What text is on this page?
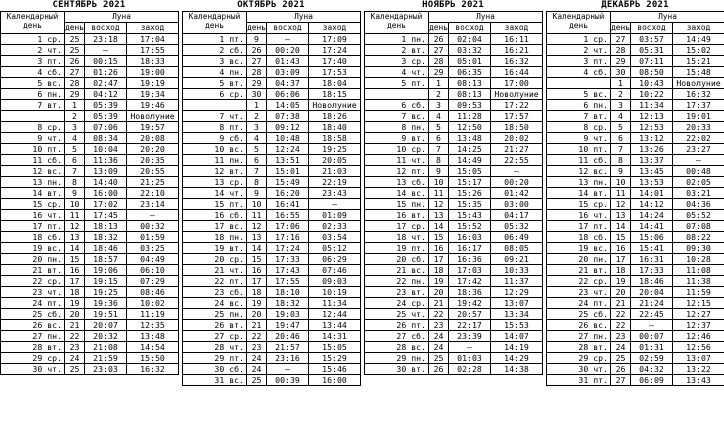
СЕНТЯБРЬ 2021
Календарный
день	Луна		
	день	восход	заход
1 ср.	25	23:18	17:04
2 чт.	25	–	17:55
3 пт.	26	00:15	18:33
4 сб.	27	01:26	19:00
5 вс.	28	02:47	19:19
6 пн.	29	04:12	19:34
7 вт.	1	05:39	19:46
	2	05:39	Новолуние
8 ср.	3	07:06	19:57
9 чт.	4	08:34	20:08
10 пт.	5	10:04	20:20
11 сб.	6	11:36	20:35
12 вс.	7	13:09	20:55
13 пн.	8	14:40	21:25
14 вт.	9	16:00	22:10
15 ср.	10	17:02	23:14
16 чт.	11	17:45	–
17 пт.	12	18:13	00:32
18 сб.	13	18:32	01:59
19 вс.	14	18:46	03:25
20 пн.	15	18:57	04:49
21 вт.	16	19:06	06:10
22 ср.	17	19:15	07:29
23 чт.	18	19:25	08:46
24 пт.	19	19:36	10:02
25 сб.	20	19:51	11:19
26 вс.	21	20:07	12:35
27 пн.	22	20:32	13:48
28 вт.	23	21:08	14:54
29 ср.	24	21:59	15:50
30 чт.	25	23:03	16:32
ОКТЯБРЬ 2021
Календарный
день	Луна		
	день	восход	заход
1 пт.	9	–	17:09
2 сб.	26	00:20	17:24
3 вс.	27	01:43	17:40
4 пн.	28	03:09	17:53
5 вт.	29	04:37	18:04
6 ср.	30	06:06	18:15
	1	14:05	Новолуние
7 чт.	2	07:38	18:26
8 пт.	3	09:12	18:40
9 сб.	4	10:48	18:58
10 вс.	5	12:24	19:25
11 пн.	6	13:51	20:05
12 вт.	7	15:01	21:03
13 ср.	8	15:49	22:19
14 чт.	9	16:20	23:43
15 пт.	10	16:41	–
16 сб.	11	16:55	01:09
17 вс.	12	17:06	02:33
18 пн.	13	17:16	03:54
19 вт.	14	17:24	05:12
20 ср.	15	17:33	06:29
21 чт.	16	17:43	07:46
22 пт.	17	17:55	09:03
23 сб.	18	18:10	10:19
24 вс.	19	18:32	11:34
25 пн.	20	19:03	12:44
26 вт.	21	19:47	13:44
27 ср.	22	20:46	14:31
28 чт.	23	21:57	15:05
29 пт.	24	23:16	15:29
30 сб.	24	–	15:46
31 вс.	25	00:39	16:00
НОЯБРЬ 2021
Календарный
день	Луна		
	день	восход	заход
1 пн.	26	02:04	16:11
2 вт.	27	03:32	16:21
3 ср.	28	05:01	16:32
4 чт.	29	06:35	16:44
5 пт.	1	08:13	17:00
	2	08:13	Новолуние
6 сб.	3	09:53	17:22
7 вс.	4	11:28	17:57
8 пн.	5	12:50	18:50
9 вт.	6	13:48	20:02
10 ср.	7	14:25	21:27
11 чт.	8	14:49	22:55
12 пт.	9	15:05	–
13 сб.	10	15:17	00:20
14 вс.	11	15:26	01:42
15 пн.	12	15:35	03:00
16 вт.	13	15:43	04:17
17 ср.	14	15:52	05:32
18 чт.	15	16:03	06:49
19 пт.	16	16:17	08:05
20 сб.	17	16:36	09:21
21 вс.	18	17:03	10:33
22 пн.	19	17:42	11:37
23 вт.	20	18:36	12:29
24 ср.	21	19:42	13:07
25 чт.	22	20:57	13:34
26 пт.	23	22:17	15:53
27 сб.	24	23:39	14:07
28 вс.	24	–	14:19
29 пн.	25	01:03	14:29
30 вт.	26	02:28	14:38
ДЕКАБРЬ 2021
Календарный
день	Луна		
	день	восход	заход
1 ср.	27	03:57	14:49
2 чт.	28	05:31	15:02
3 пт.	29	07:11	15:21
4 сб.	30	08:50	15:48
	1	10:43	Новолуние
5 вс.	2	10:22	16:32
6 пн.	3	11:34	17:37
7 вт.	4	12:13	19:01
8 ср.	5	12:53	20:33
9 чт.	6	13:12	22:02
10 пт.	7	13:26	23:27
11 сб.	8	13:37	–
12 вс.	9	13:45	00:48
13 пн.	10	13:53	02:05
14 вт.	11	14:01	03:21
15 ср.	12	14:12	04:36
16 чт.	13	14:24	05:52
17 пт.	14	14:41	07:08
18 сб.	15	15:06	08:22
19 вс.	16	15:41	09:30
20 пн.	17	16:31	10:28
21 вт.	18	17:33	11:08
22 ср.	19	18:46	11:38
23 чт.	20	20:04	11:59
24 пт.	21	21:24	12:15
25 сб.	22	22:45	12:27
26 вс.	22	–	12:37
27 пн.	23	00:07	12:46
28 вт.	24	01:31	12:56
29 ср.	25	02:59	13:07
30 чт.	26	04:32	13:22
31 пт.	27	06:09	13:43
